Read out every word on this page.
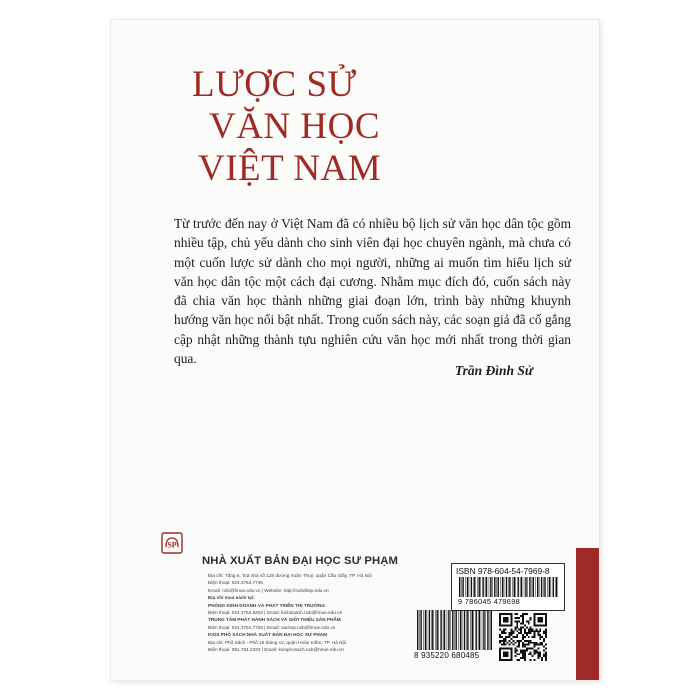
LƯỢC SỬ
VĂN HỌC
VIỆT NAM

Từ trước đến nay ở Việt Nam đã có nhiều bộ lịch sử văn học dân tộc gồm nhiều tập, chủ yếu dành cho sinh viên đại học chuyên ngành, mà chưa có một cuốn lược sử dành cho mọi người, những ai muốn tìm hiểu lịch sử văn học dân tộc một cách đại cương. Nhằm mục đích đó, cuốn sách này đã chia văn học thành những giai đoạn lớn, trình bày những khuynh hướng văn học nổi bật nhất. Trong cuốn sách này, các soạn giả đã cố gắng cập nhật những thành tựu nghiên cứu văn học mới nhất trong thời gian qua.

Trần Đình Sử

SP
NHÀ XUẤT BẢN ĐẠI HỌC SƯ PHẠM
Địa chỉ: Tầng 6, Toà nhà số 128 đường Xuân Thuỷ, quận Cầu Giấy, TP. Hà Nội
Điện thoại: 024.3754.7735
Email: nxb@hnue.edu.vn | Website: http://nxbdhsp.edu.vn
Địa chỉ mua sách tại:
PHÒNG KINH DOANH VÀ PHÁT TRIỂN THỊ TRƯỜNG
Điện thoại: 024.3754.9202 | Email: kinhdoanh.nxb@hnue.edu.vn
TRUNG TÂM PHÁT HÀNH SÁCH VÀ GIỚI THIỆU SẢN PHẨM
Điện thoại: 024.3754.7708 | Email: sachsp.nxb@hnue.edu.vn
KIOS PHỐ SÁCH NHÀ XUẤT BẢN ĐẠI HỌC SƯ PHẠM
Địa chỉ: Phố Sách - Phố 19 tháng 12, quận Hoàn Kiếm, TP. Hà Nội
Điện thoại: 091.754.2333 | Email: kiosphosach.nxb@hnue.edu.vn
ISBN 978-604-54-7969-8
9 786045 479698
8 935220 680485
